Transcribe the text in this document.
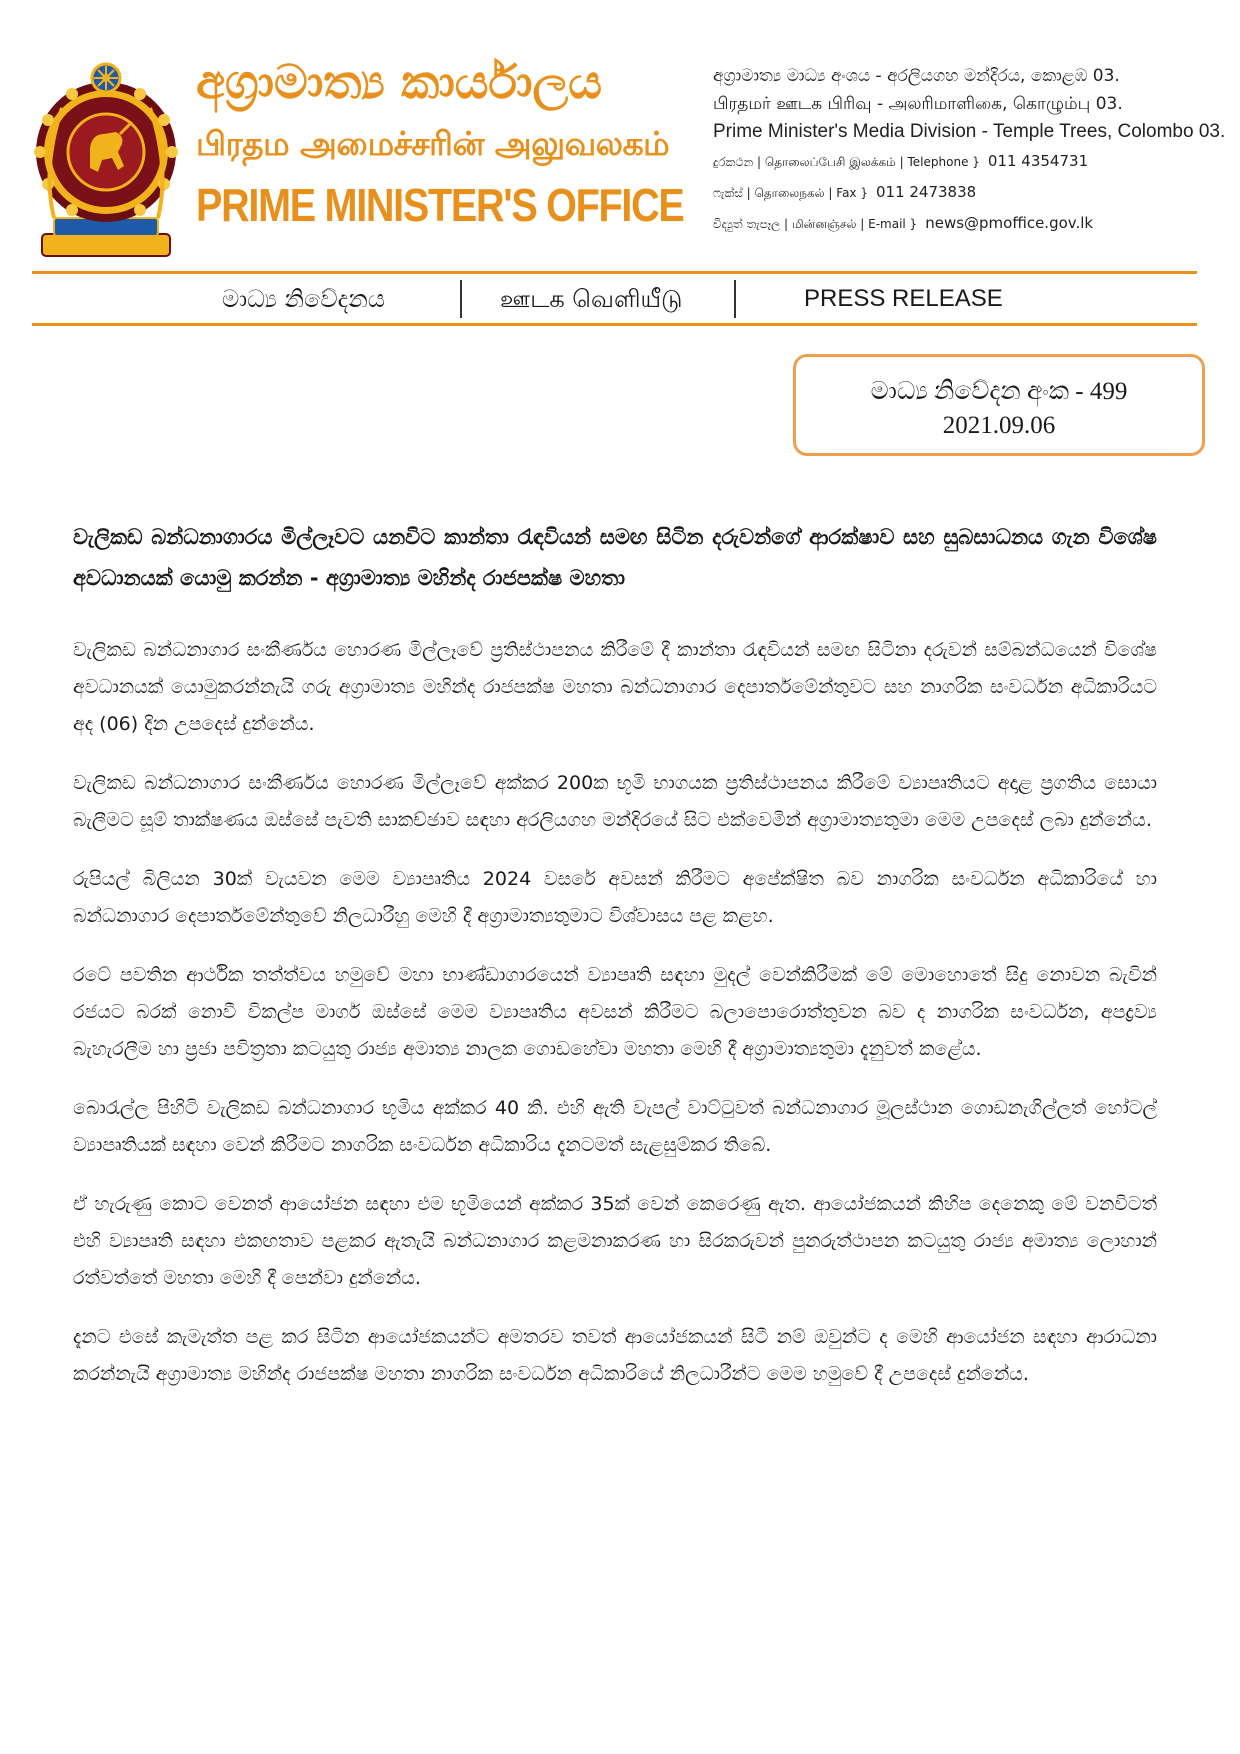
අග්‍රාමාත්‍ය කාර්යාලය
பிரதம அமைச்சரின் அலுவலகம்
PRIME MINISTER'S OFFICE
අග්‍රාමාත්‍ය මාධ්‍ය අංශය - අරලියගහ මන්දිරය, කොළඹ 03.
பிரதமர் ஊடக பிரிவு - அலரிமாளிகை, கொழும்பு 03.
Prime Minister's Media Division - Temple Trees, Colombo 03.
දුරකථන | தொலைப்பேசி இலக்கம் | Telephone } 011 4354731
ෆැක්ස් | தொலைநகல் | Fax } 011 2473838
විද්‍යුත් තැපෑල | மின்னஞ்சல் | E-mail } news@pmoffice.gov.lk
මාධ්‍ය නිවේදනය	ஊடக வெளியீடு	PRESS RELEASE
මාධ්‍ය නිවේදන අංක - 499
2021.09.06
වැලිකඩ බන්ධනාගාරය මිල්ලෑවට යනවිට කාන්තා රැඳවියන් සමඟ සිටින දරුවන්ගේ ආරක්ෂාව සහ සුබසාධනය ගැන විශේෂ අවධානයක් යොමු කරන්න - අග්‍රාමාත්‍ය මහින්ද රාජපක්ෂ මහතා

වැලිකඩ බන්ධනාගාර සංකීර්ණය හොරණ මිල්ලෑවේ ප්‍රතිස්ථාපනය කිරීමේ දී කාන්තා රැඳවියන් සමඟ සිටිනා දරුවන් සම්බන්ධයෙන් විශේෂ අවධානයක් යොමුකරන්නැයි ගරු අග්‍රාමාත්‍ය මහින්ද රාජපක්ෂ මහතා බන්ධනාගාර දෙපාර්තමේන්තුවට සහ නාගරික සංවර්ධන අධිකාරියට අද (06) දින උපදෙස් දුන්නේය.

වැලිකඩ බන්ධනාගාර සංකීර්ණය හොරණ මිල්ලෑවේ අක්කර 200ක භූමි භාගයක ප්‍රතිස්ථාපනය කිරීමේ ව්‍යාපෘතියට අදාළ ප්‍රගතිය සොයා බැලීමට සූම් තාක්ෂණය ඔස්සේ පැවති සාකච්ඡාව සඳහා අරලියගහ මන්දිරයේ සිට එක්වෙමින් අග්‍රාමාත්‍යතුමා මෙම උපදෙස් ලබා දුන්නේය.

රුපියල් බිලියන 30ක් වැයවන මෙම ව්‍යාපෘතිය 2024 වසරේ අවසන් කිරීමට අපේක්ෂිත බව නාගරික සංවර්ධන අධිකාරියේ හා බන්ධනාගාර දෙපාර්තමේන්තුවේ නිලධාරීහු මෙහි දී අග්‍රාමාත්‍යතුමාට විශ්වාසය පළ කළහ.

රටේ පවතින ආර්ථික තත්ත්වය හමුවේ මහා භාණ්ඩාගාරයෙන් ව්‍යාපෘති සඳහා මුදල් වෙන්කිරීමක් මේ මොහොතේ සිදු නොවන බැවින් රජයට බරක් නොවී විකල්ප මාර්ග ඔස්සේ මෙම ව්‍යාපෘතිය අවසන් කිරීමට බලාපොරොත්තුවන බව ද නාගරික සංවර්ධන, අපද්‍රව්‍ය බැහැරලීම හා ප්‍රජා පවිත්‍රතා කටයුතු රාජ්‍ය අමාත්‍ය නාලක ගොඩහේවා මහතා මෙහි දී අග්‍රාමාත්‍යතුමා දැනුවත් කළේය.

බොරැල්ල පිහිටි වැලිකඩ බන්ධනාගාර භූමිය අක්කර 40 කි. එහි ඇති වැපල් වාට්ටුවත් බන්ධනාගාර මූලස්ථාන ගොඩනැගිල්ලත් හෝටල් ව්‍යාපෘතියක් සඳහා වෙන් කිරීමට නාගරික සංවර්ධන අධිකාරිය දැනටමත් සැළසුම්කර තිබේ.

ඒ හැරුණු කොට වෙනත් ආයෝජන සඳහා එම භූමියෙන් අක්කර 35ක් වෙන් කෙරෙණු ඇත. ආයෝජකයන් කිහිප දෙනෙකු මේ වනවිටත් එහි ව්‍යාපෘති සඳහා එකඟතාව පළකර ඇතැයි බන්ධනාගාර කළමනාකරණ හා සිරකරුවන් පුනරුත්ථාපන කටයුතු රාජ්‍ය අමාත්‍ය ලොහාන් රත්වත්තේ මහතා මෙහි දී පෙන්වා දුන්නේය.

දැනට එසේ කැමැත්ත පළ කර සිටින ආයෝජකයන්ට අමතරව තවත් ආයෝජකයන් සිටී නම් ඔවුන්ට ද මෙහි ආයෝජන සඳහා ආරාධනා කරන්නැයි අග්‍රාමාත්‍ය මහින්ද රාජපක්ෂ මහතා නාගරික සංවර්ධන අධිකාරියේ නිලධාරීන්ට මෙම හමුවේ දී උපදෙස් දුන්නේය.
